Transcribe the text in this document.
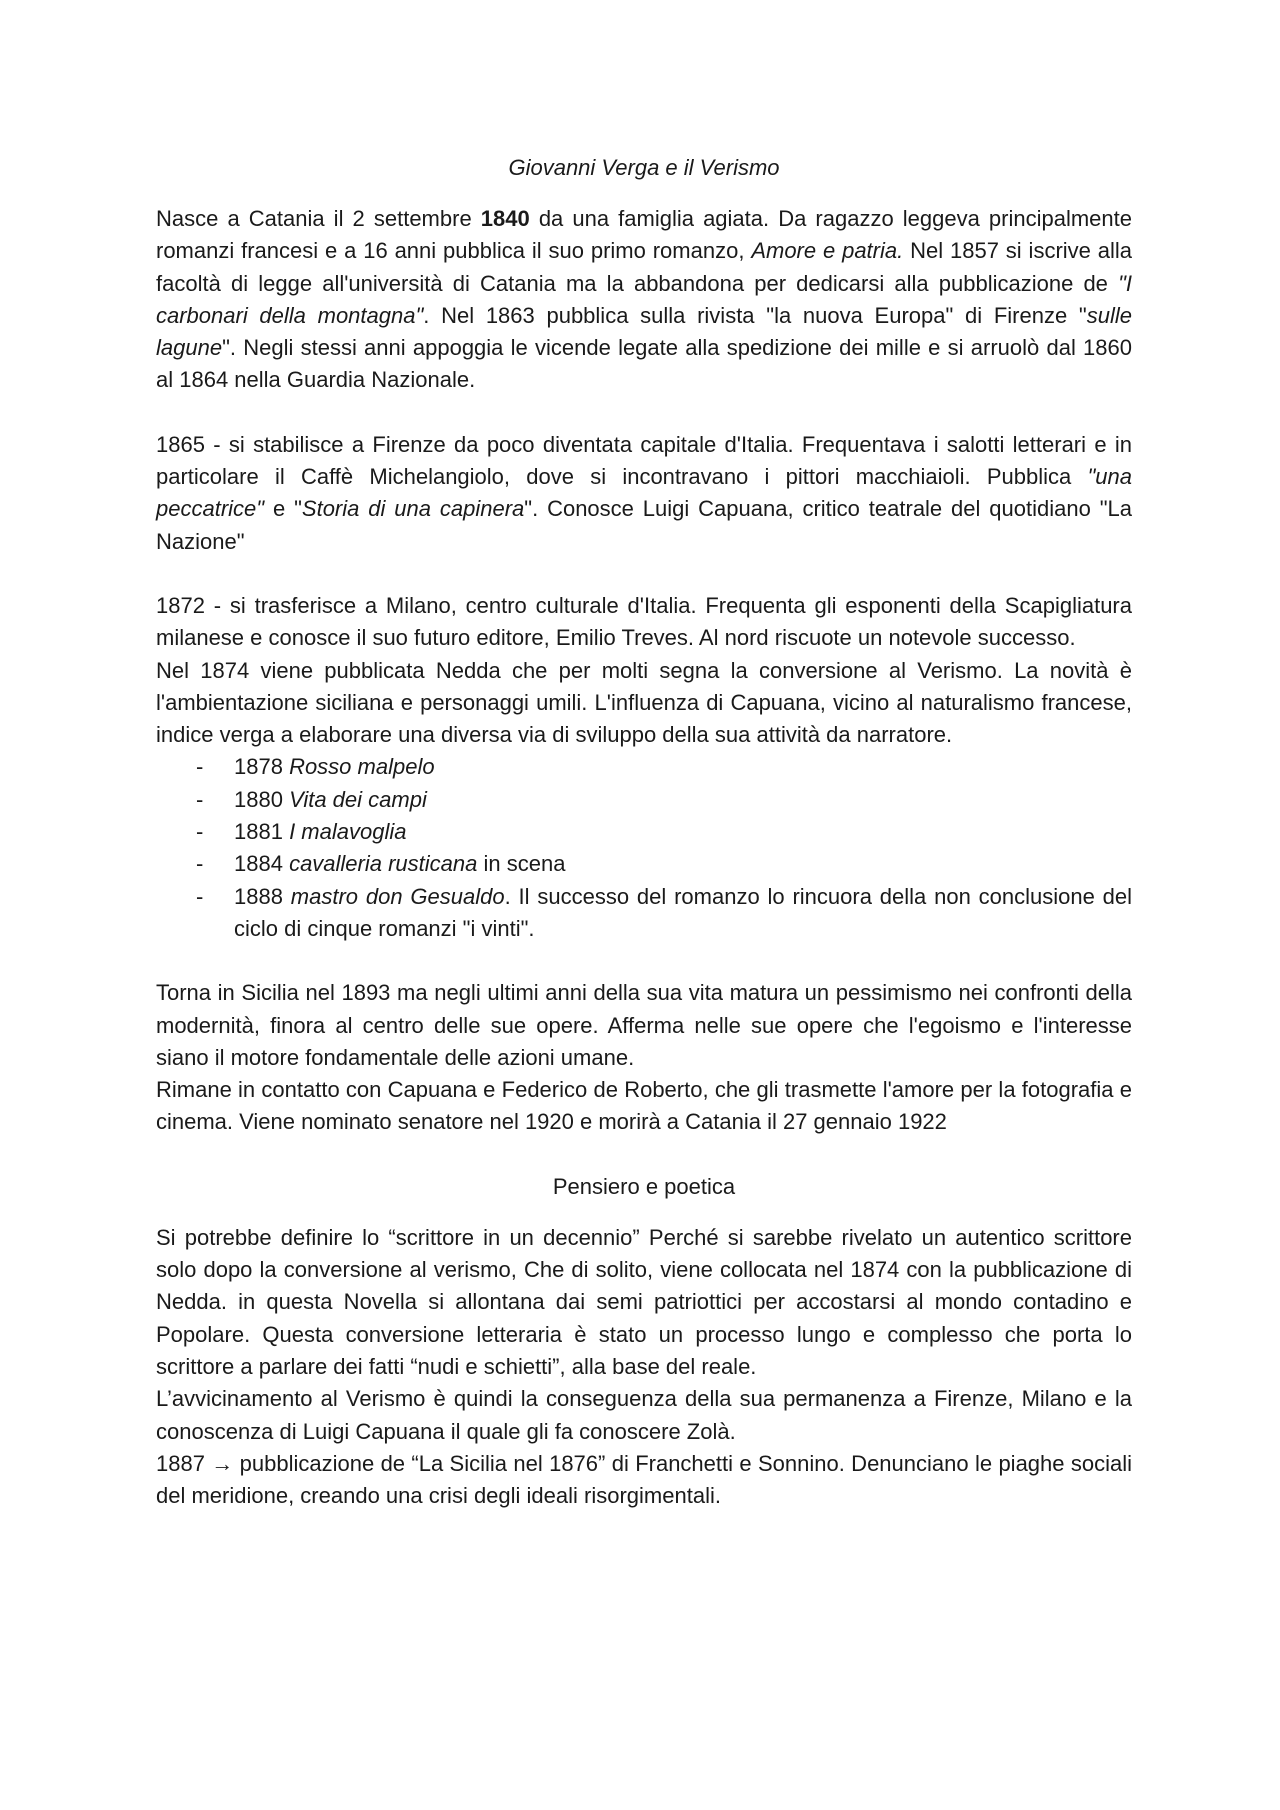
Giovanni Verga e il Verismo

Nasce a Catania il 2 settembre 1840 da una famiglia agiata. Da ragazzo leggeva principalmente romanzi francesi e a 16 anni pubblica il suo primo romanzo, Amore e patria. Nel 1857 si iscrive alla facoltà di legge all'università di Catania ma la abbandona per dedicarsi alla pubblicazione de "I carbonari della montagna". Nel 1863 pubblica sulla rivista "la nuova Europa" di Firenze "sulle lagune". Negli stessi anni appoggia le vicende legate alla spedizione dei mille e si arruolò dal 1860 al 1864 nella Guardia Nazionale.

1865 - si stabilisce a Firenze da poco diventata capitale d'Italia. Frequentava i salotti letterari e in particolare il Caffè Michelangiolo, dove si incontravano i pittori macchiaioli. Pubblica "una peccatrice" e "Storia di una capinera". Conosce Luigi Capuana, critico teatrale del quotidiano "La Nazione"

1872 - si trasferisce a Milano, centro culturale d'Italia. Frequenta gli esponenti della Scapigliatura milanese e conosce il suo futuro editore, Emilio Treves. Al nord riscuote un notevole successo.

Nel 1874 viene pubblicata Nedda che per molti segna la conversione al Verismo. La novità è l'ambientazione siciliana e personaggi umili. L'influenza di Capuana, vicino al naturalismo francese, indice verga a elaborare una diversa via di sviluppo della sua attività da narratore.

- 1878 Rosso malpelo
- 1880 Vita dei campi
- 1881 I malavoglia
- 1884 cavalleria rusticana in scena
- 1888 mastro don Gesualdo. Il successo del romanzo lo rincuora della non conclusione del ciclo di cinque romanzi "i vinti".

Torna in Sicilia nel 1893 ma negli ultimi anni della sua vita matura un pessimismo nei confronti della modernità, finora al centro delle sue opere. Afferma nelle sue opere che l'egoismo e l'interesse siano il motore fondamentale delle azioni umane.

Rimane in contatto con Capuana e Federico de Roberto, che gli trasmette l'amore per la fotografia e cinema. Viene nominato senatore nel 1920 e morirà a Catania il 27 gennaio 1922

Pensiero e poetica

Si potrebbe definire lo “scrittore in un decennio” Perché si sarebbe rivelato un autentico scrittore solo dopo la conversione al verismo, Che di solito, viene collocata nel 1874 con la pubblicazione di Nedda. in questa Novella si allontana dai semi patriottici per accostarsi al mondo contadino e Popolare. Questa conversione letteraria è stato un processo lungo e complesso che porta lo scrittore a parlare dei fatti “nudi e schietti”, alla base del reale.

L’avvicinamento al Verismo è quindi la conseguenza della sua permanenza a Firenze, Milano e la conoscenza di Luigi Capuana il quale gli fa conoscere Zolà.

1887 → pubblicazione de “La Sicilia nel 1876” di Franchetti e Sonnino. Denunciano le piaghe sociali del meridione, creando una crisi degli ideali risorgimentali.
